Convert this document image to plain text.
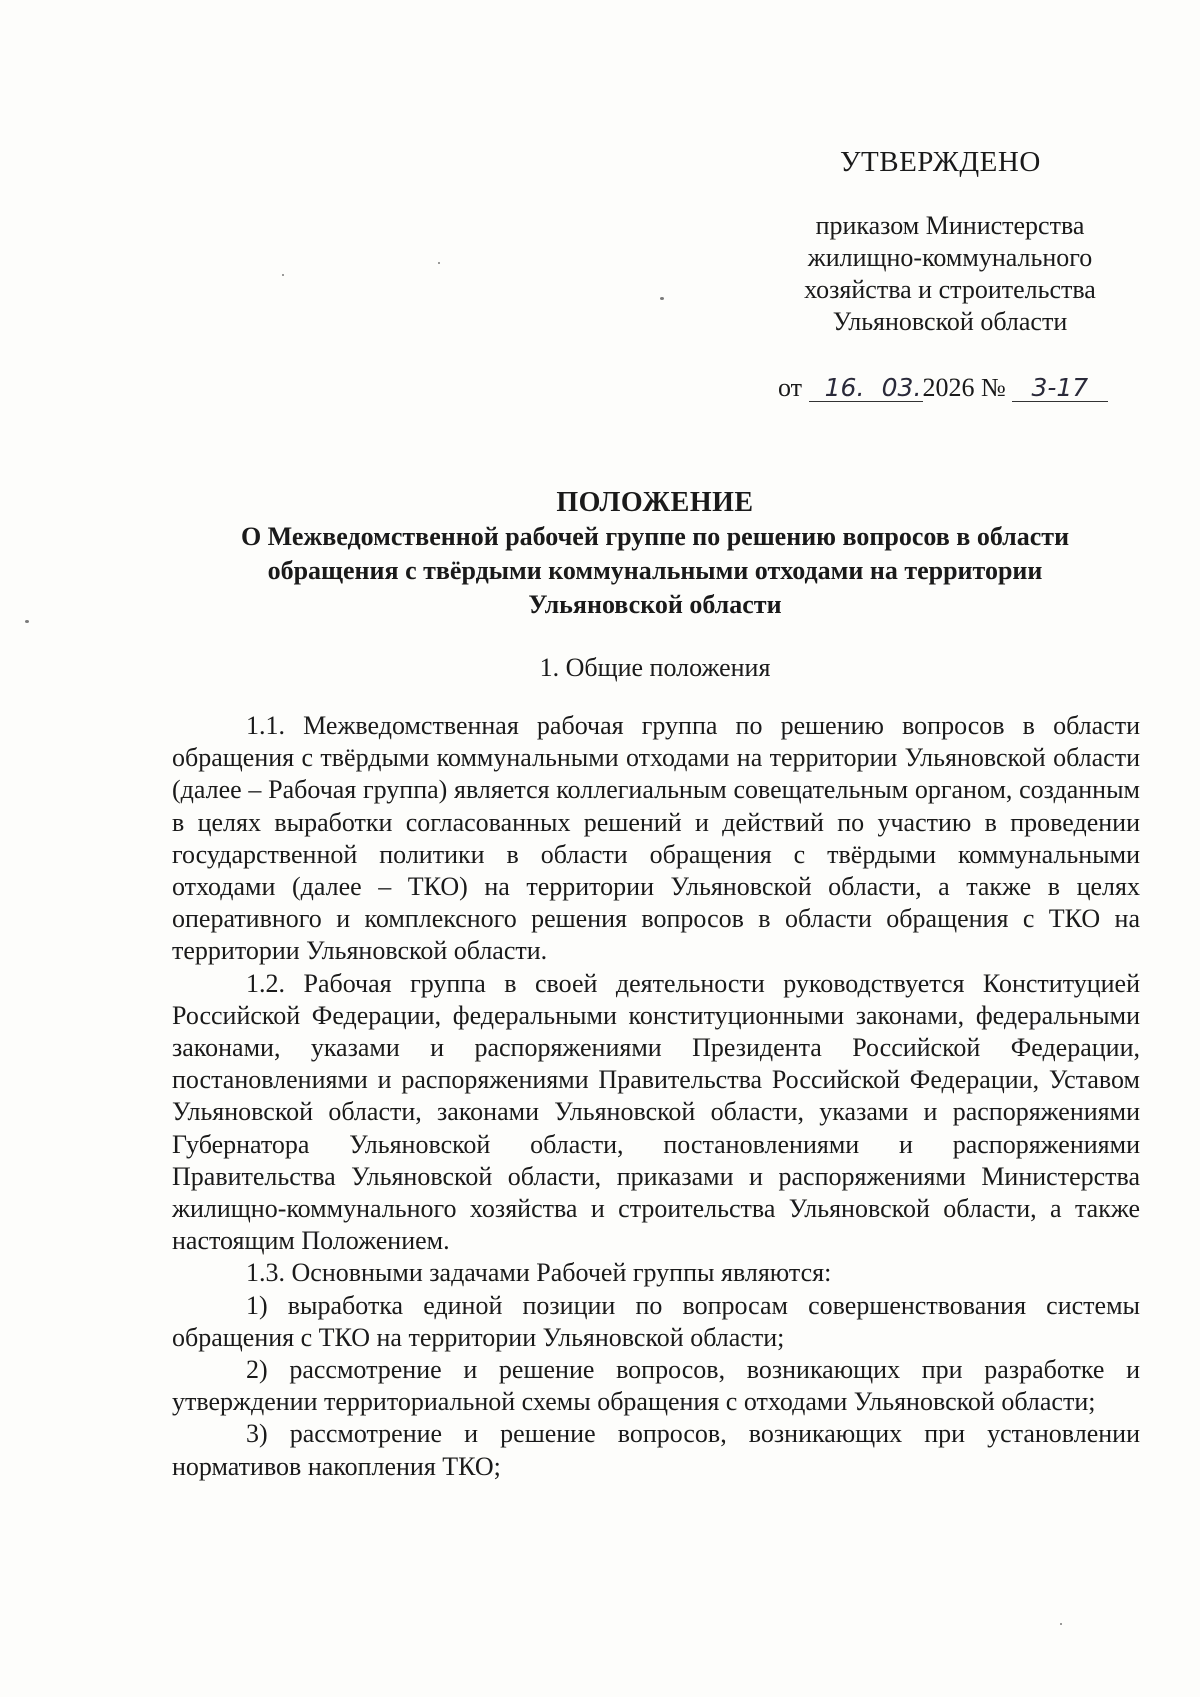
УТВЕРЖДЕНО
приказом Министерства
жилищно-коммунального
хозяйства и строительства
Ульяновской области
от 16. 03.2026 № 3-17
ПОЛОЖЕНИЕ
О Межведомственной рабочей группе по решению вопросов в области
обращения с твёрдыми коммунальными отходами на территории
Ульяновской области
1. Общие положения

1.1. Межведомственная рабочая группа по решению вопросов в области обращения с твёрдыми коммунальными отходами на территории Ульяновской области (далее – Рабочая группа) является коллегиальным совещательным органом, созданным в целях выработки согласованных решений и действий по участию в проведении государственной политики в области обращения с твёрдыми коммунальными отходами (далее – ТКО) на территории Ульяновской области, а также в целях оперативного и комплексного решения вопросов в области обращения с ТКО на территории Ульяновской области.

1.2. Рабочая группа в своей деятельности руководствуется Конституцией Российской Федерации, федеральными конституционными законами, федеральными законами, указами и распоряжениями Президента Российской Федерации, постановлениями и распоряжениями Правительства Российской Федерации, Уставом Ульяновской области, законами Ульяновской области, указами и распоряжениями Губернатора Ульяновской области, постановлениями и распоряжениями Правительства Ульяновской области, приказами и распоряжениями Министерства жилищно-коммунального хозяйства и строительства Ульяновской области, а также настоящим Положением.

1.3. Основными задачами Рабочей группы являются:

1) выработка единой позиции по вопросам совершенствования системы обращения с ТКО на территории Ульяновской области;

2) рассмотрение и решение вопросов, возникающих при разработке и утверждении территориальной схемы обращения с отходами Ульяновской области;

3) рассмотрение и решение вопросов, возникающих при установлении нормативов накопления ТКО;
